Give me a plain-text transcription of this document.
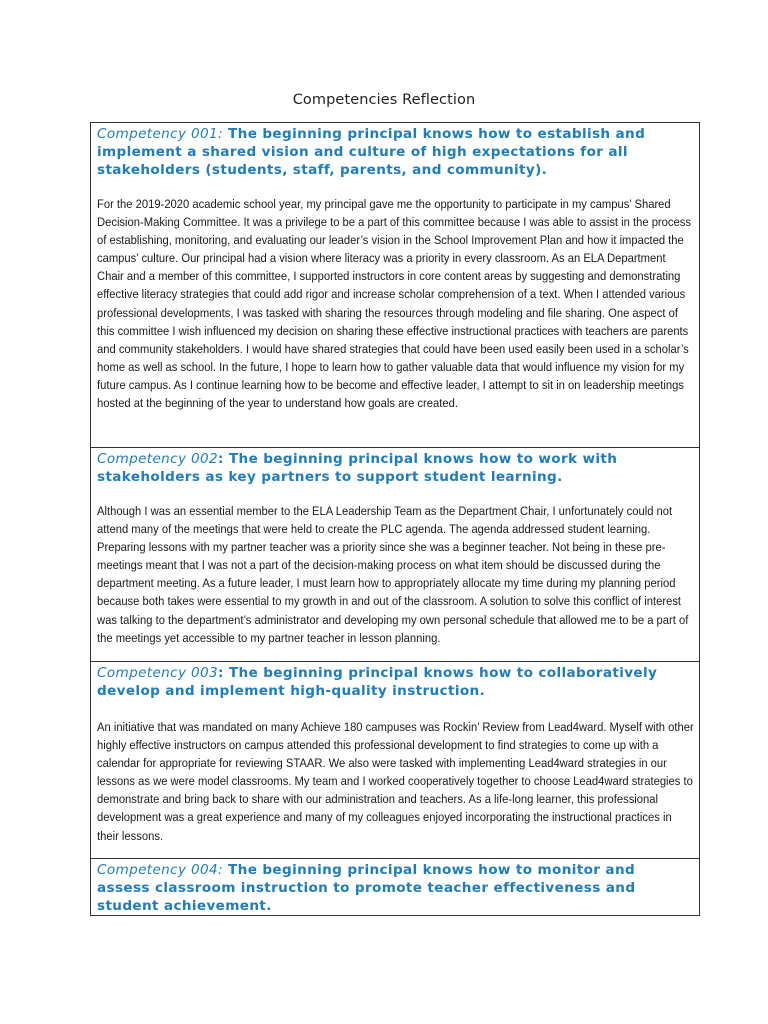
Competencies Reflection

Competency 001: The beginning principal knows how to establish and implement a shared vision and culture of high expectations for all stakeholders (students, staff, parents, and community).

For the 2019-2020 academic school year, my principal gave me the opportunity to participate in my campus’ Shared Decision-Making Committee. It was a privilege to be a part of this committee because I was able to assist in the process of establishing, monitoring, and evaluating our leader’s vision in the School Improvement Plan and how it impacted the campus’ culture. Our principal had a vision where literacy was a priority in every classroom. As an ELA Department Chair and a member of this committee, I supported instructors in core content areas by suggesting and demonstrating effective literacy strategies that could add rigor and increase scholar comprehension of a text. When I attended various professional developments, I was tasked with sharing the resources through modeling and file sharing. One aspect of this committee I wish influenced my decision on sharing these effective instructional practices with teachers are parents and community stakeholders. I would have shared strategies that could have been used easily been used in a scholar’s home as well as school. In the future, I hope to learn how to gather valuable data that would influence my vision for my future campus. As I continue learning how to be become and effective leader, I attempt to sit in on leadership meetings hosted at the beginning of the year to understand how goals are created.

Competency 002: The beginning principal knows how to work with stakeholders as key partners to support student learning.

Although I was an essential member to the ELA Leadership Team as the Department Chair, I unfortunately could not attend many of the meetings that were held to create the PLC agenda. The agenda addressed student learning. Preparing lessons with my partner teacher was a priority since she was a beginner teacher. Not being in these pre-meetings meant that I was not a part of the decision-making process on what item should be discussed during the department meeting. As a future leader, I must learn how to appropriately allocate my time during my planning period because both takes were essential to my growth in and out of the classroom. A solution to solve this conflict of interest was talking to the department’s administrator and developing my own personal schedule that allowed me to be a part of the meetings yet accessible to my partner teacher in lesson planning.

Competency 003: The beginning principal knows how to collaboratively develop and implement high-quality instruction.

An initiative that was mandated on many Achieve 180 campuses was Rockin’ Review from Lead4ward. Myself with other highly effective instructors on campus attended this professional development to find strategies to come up with a calendar for appropriate for reviewing STAAR. We also were tasked with implementing Lead4ward strategies in our lessons as we were model classrooms. My team and I worked cooperatively together to choose Lead4ward strategies to demonstrate and bring back to share with our administration and teachers. As a life-long learner, this professional development was a great experience and many of my colleagues enjoyed incorporating the instructional practices in their lessons.

Competency 004: The beginning principal knows how to monitor and assess classroom instruction to promote teacher effectiveness and student achievement.
